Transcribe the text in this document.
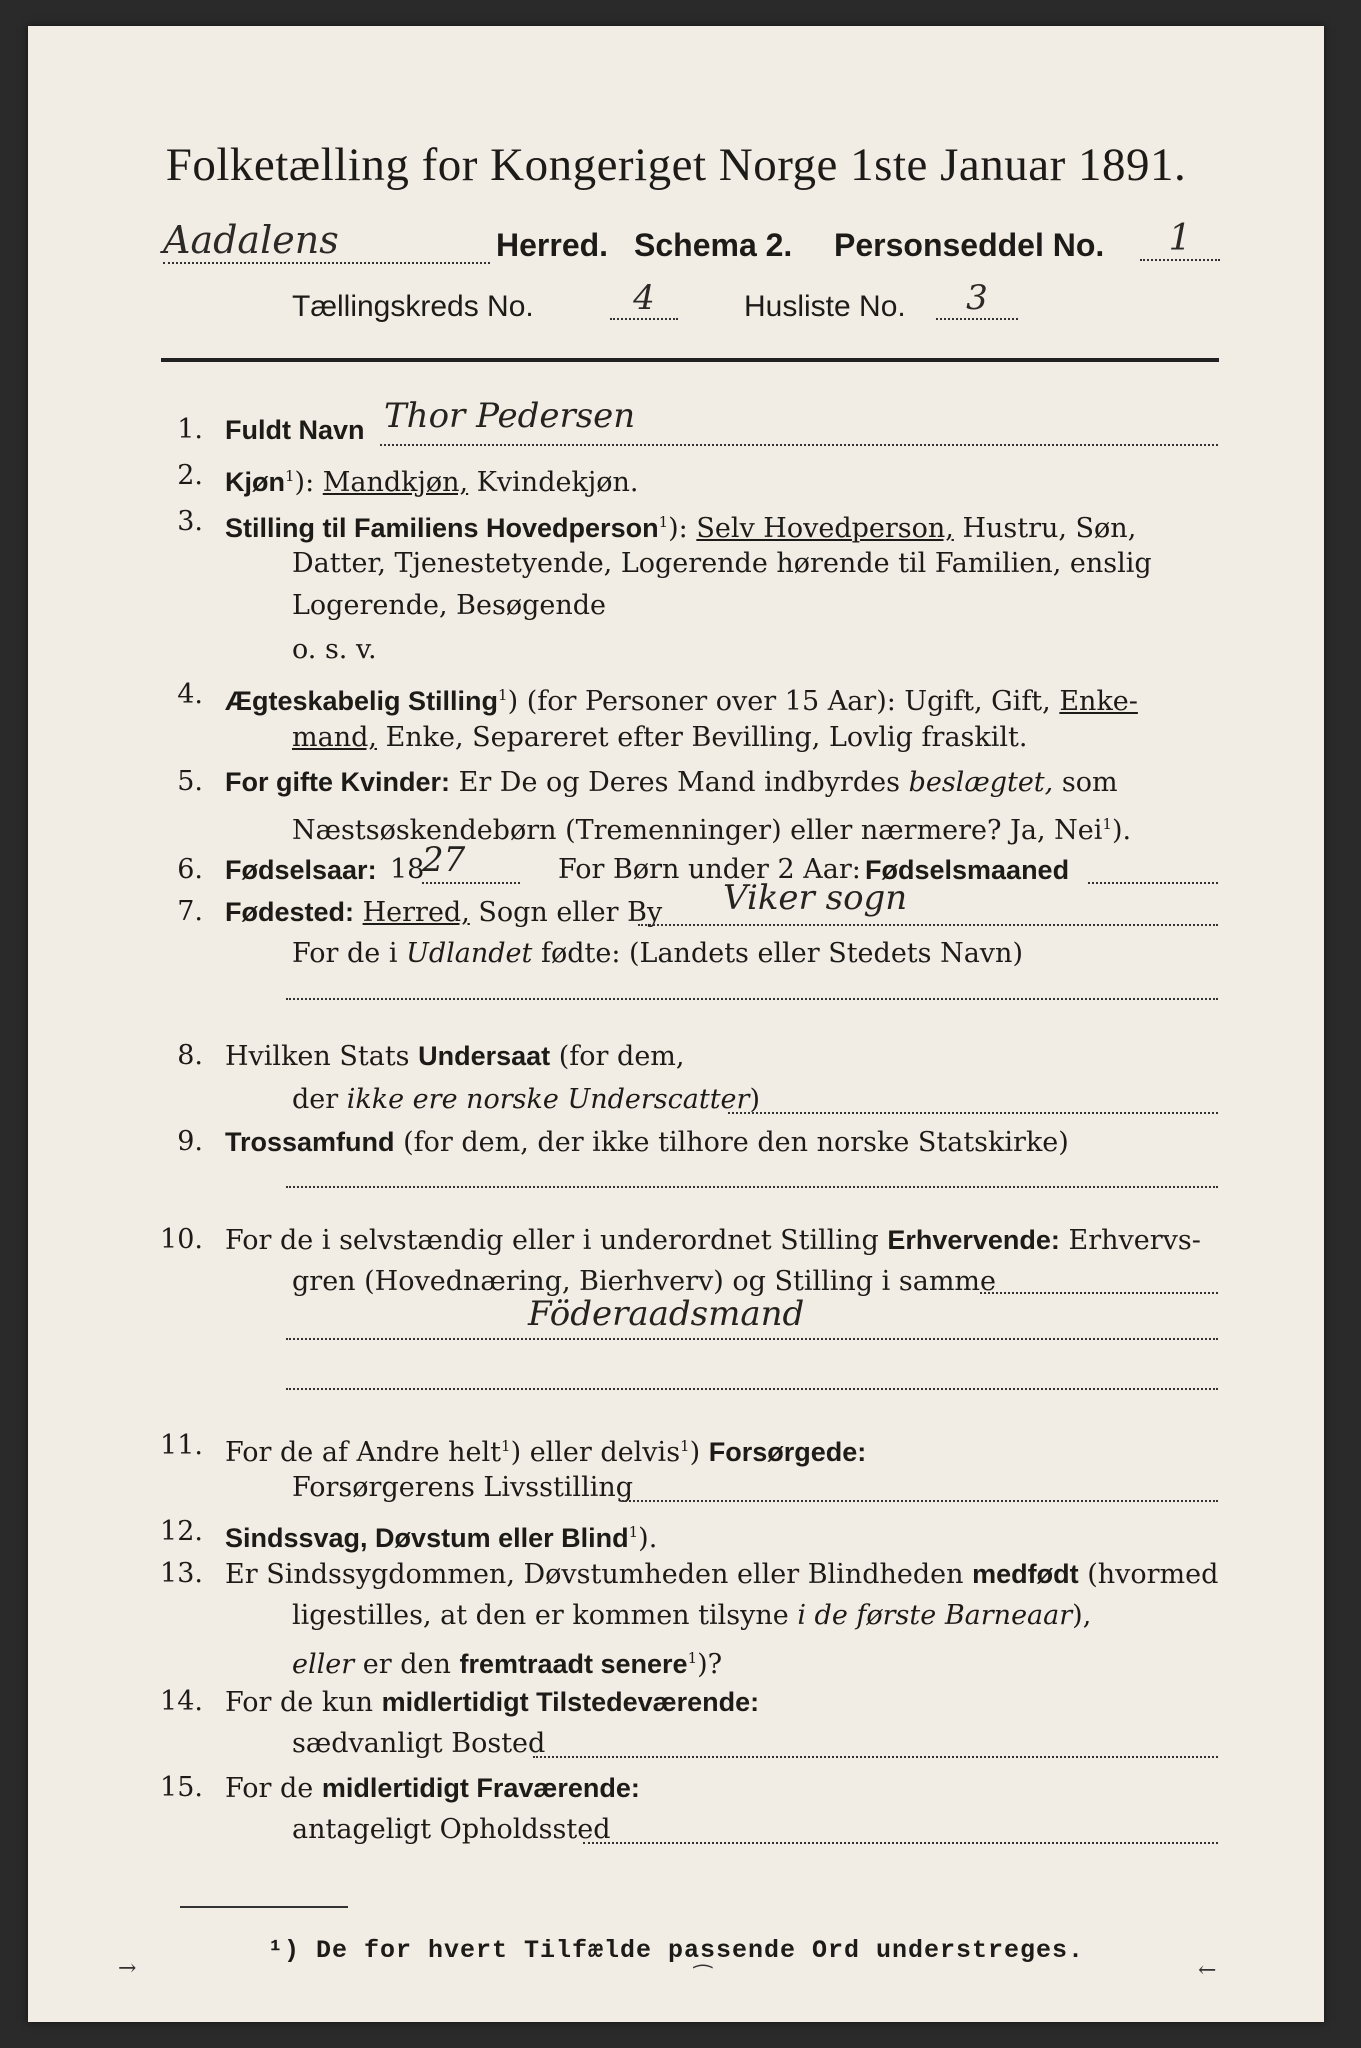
Folketælling for Kongeriget Norge 1ste Januar 1891.
Aadalens	Herred. Schema 2. Personseddel No.	1
Tællingskreds No.	4	Husliste No.	3
1. Fuldt Navn Thor Pedersen
2. Kjøn$^1$): Mandkjøn, Kvindekjøn.
3. Stilling til Familiens Hovedperson$^1$): Selv Hovedperson, Hustru, Søn,
Datter, Tjenestetyende, Logerende hørende til Familien, enslig
Logerende, Besøgende
o. s. v.
4. Ægteskabelig Stilling$^1$) (for Personer over 15 Aar): Ugift, Gift, Enke-
mand, Enke, Separeret efter Bevilling, Lovlig fraskilt.
5. For gifte Kvinder: Er De og Deres Mand indbyrdes beslægtet, som
Næstsøskendebørn (Tremenninger) eller nærmere? Ja, Nei$^1$).
6. Fødselsaar: 18
27	For Børn under 2 Aar: Fødselsmaaned
7. Fødested: Herred, Sogn eller By Viker sogn
For de i Udlandet fødte: (Landets eller Stedets Navn)
8. Hvilken Stats Undersaat (for dem,
der ikke ere norske Underscatter)
9. Trossamfund (for dem, der ikke tilhore den norske Statskirke)
10. For de i selvstændig eller i underordnet Stilling Erhvervende: Erhvervs-
gren (Hovednæring, Bierhverv) og Stilling i samme
Föderaadsmand
11. For de af Andre helt$^1$) eller delvis$^1$) Forsørgede:
Forsørgerens Livsstilling
12. Sindssvag, Døvstum eller Blind$^1$).
13. Er Sindssygdommen, Døvstumheden eller Blindheden medfødt (hvormed
ligestilles, at den er kommen tilsyne i de første Barneaar),
eller er den fremtraadt senere$^1$)?
14. For de kun midlertidigt Tilstedeværende:
sædvanligt Bosted
15. For de midlertidigt Fraværende:
antageligt Opholdssted
¹) De for hvert Tilfælde passende Ord understreges.
→	⁀	←
